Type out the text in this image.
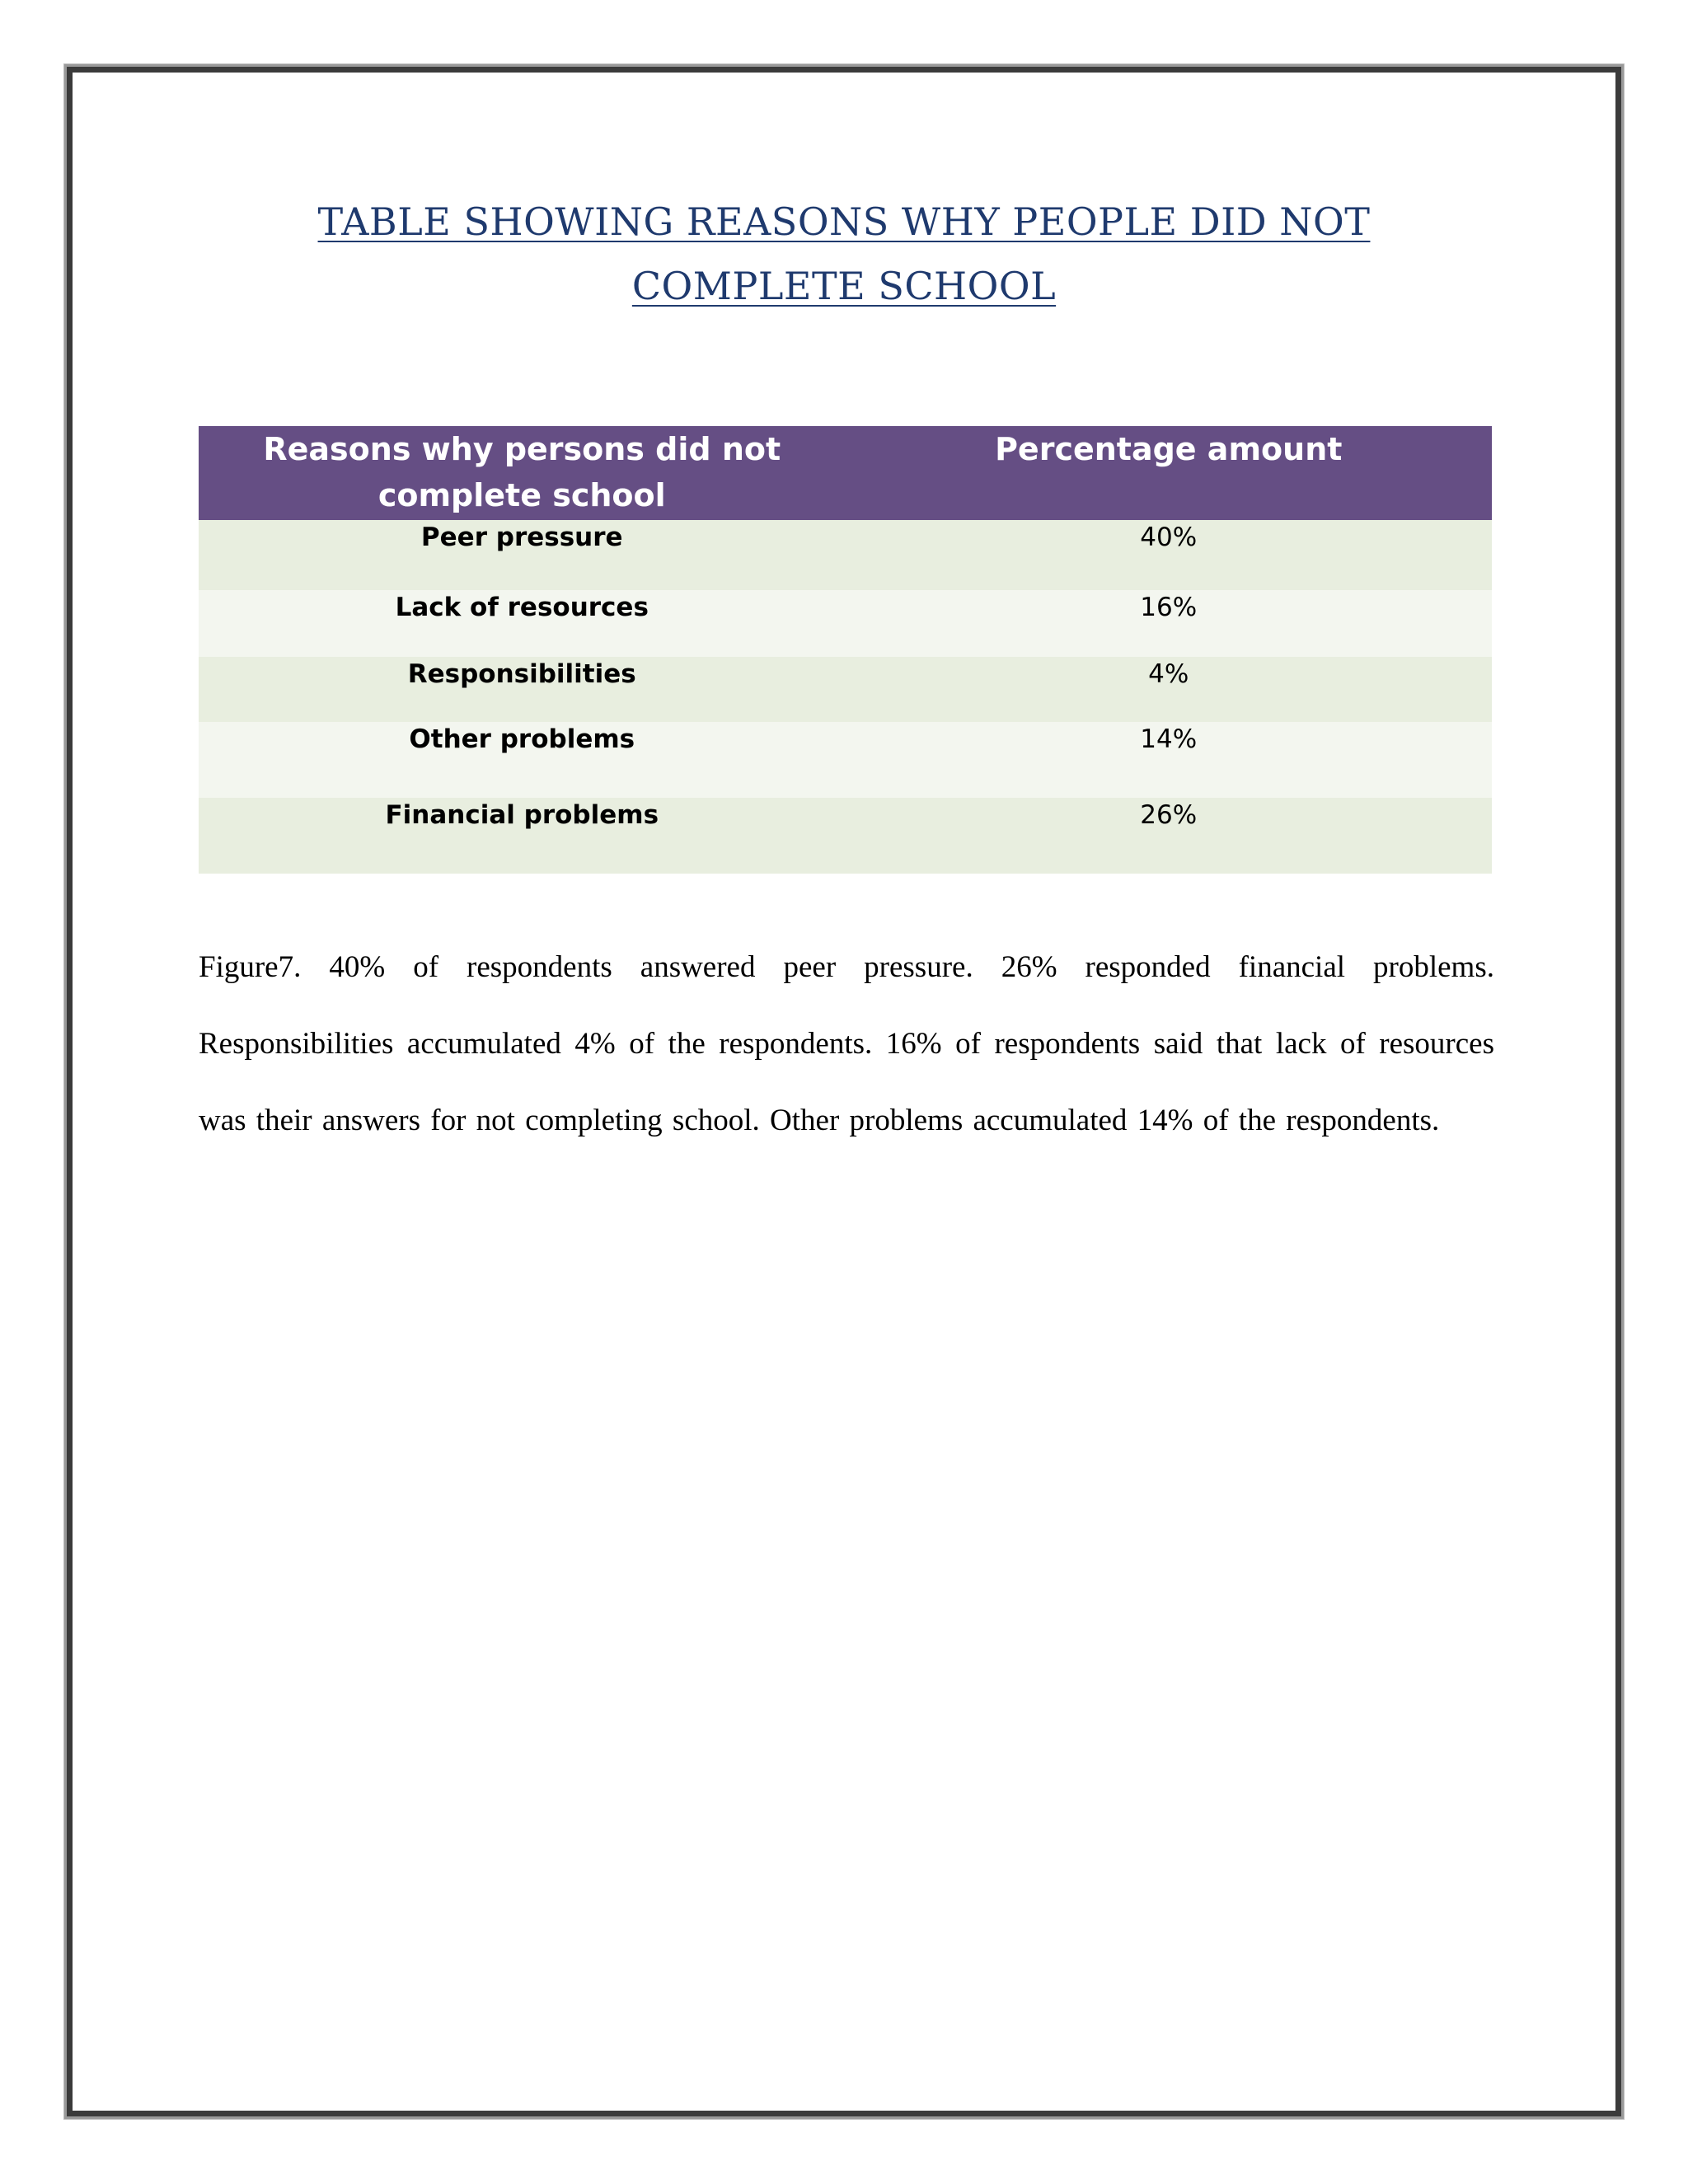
TABLE SHOWING REASONS WHY PEOPLE DID NOT COMPLETE SCHOOL
Reasons why persons did not complete school	Percentage amount
Peer pressure	40%
Lack of resources	16%
Responsibilities	4%
Other problems	14%
Financial problems	26%

Figure7. 40% of respondents answered peer pressure. 26% responded financial problems. Responsibilities accumulated 4% of the respondents. 16% of respondents said that lack of resources was their answers for not completing school. Other problems accumulated 14% of the respondents.
